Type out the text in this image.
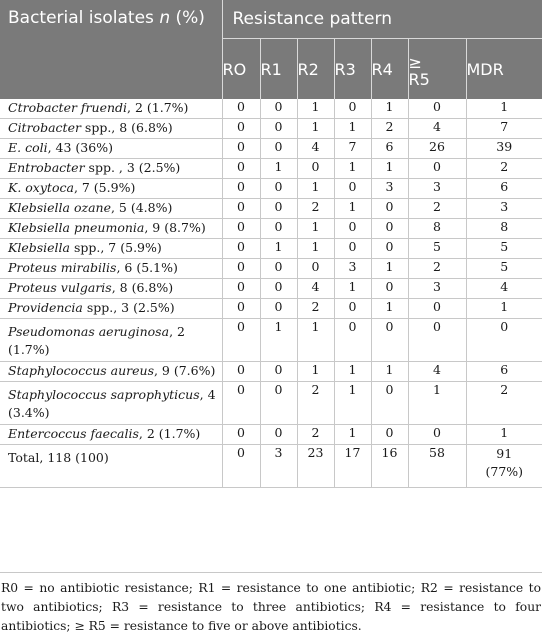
Bacterial isolates n (%)	Resistance pattern						
	RO	R1	R2	R3	R4	≥ R5	MDR
Ctrobacter fruendi, 2 (1.7%)	0	0	1	0	1	0	1
Citrobacter spp., 8 (6.8%)	0	0	1	1	2	4	7
E. coli, 43 (36%)	0	0	4	7	6	26	39
Entrobacter spp. , 3 (2.5%)	0	1	0	1	1	0	2
K. oxytoca, 7 (5.9%)	0	0	1	0	3	3	6
Klebsiella ozane, 5 (4.8%)	0	0	2	1	0	2	3
Klebsiella pneumonia, 9 (8.7%)	0	0	1	0	0	8	8
Klebsiella spp., 7 (5.9%)	0	1	1	0	0	5	5
Proteus mirabilis, 6 (5.1%)	0	0	0	3	1	2	5
Proteus vulgaris, 8 (6.8%)	0	0	4	1	0	3	4
Providencia spp., 3 (2.5%)	0	0	2	0	1	0	1
Pseudomonas aeruginosa, 2 (1.7%)	0	1	1	0	0	0	0
Staphylococcus aureus, 9 (7.6%)	0	0	1	1	1	4	6
Staphylococcus saprophyticus, 4 (3.4%)	0	0	2	1	0	1	2
Entercoccus faecalis, 2 (1.7%)	0	0	2	1	0	0	1
Total, 118 (100)	0	3	23	17	16	58	91 (77%)
R0 = no antibiotic resistance; R1 = resistance to one antibiotic; R2 = resistance to two antibiotics; R3 = resistance to three antibiotics; R4 = resistance to four antibiotics; ≥ R5 = resistance to five or above antibiotics.
